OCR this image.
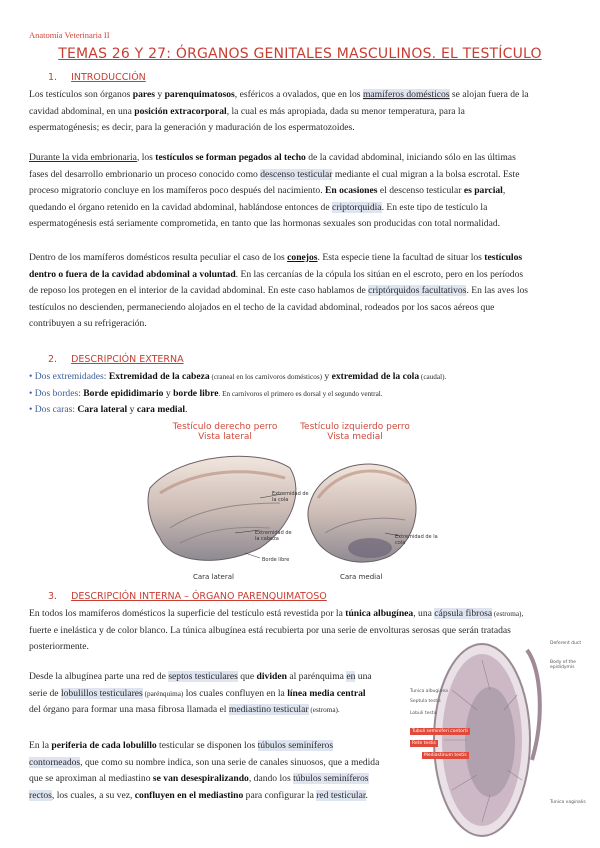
Anatomía Veterinaria II
TEMAS 26 Y 27: ÓRGANOS GENITALES MASCULINOS. EL TESTÍCULO
1. INTRODUCCIÓN
Los testículos son órganos pares y parenquimatosos, esféricos a ovalados, que en los mamíferos domésticos se alojan fuera de la
cavidad abdominal, en una posición extracorporal, la cual es más apropiada, dada su menor temperatura, para la
espermatogénesis; es decir, para la generación y maduración de los espermatozoides.
Durante la vida embrionaria, los testículos se forman pegados al techo de la cavidad abdominal, iniciando sólo en las últimas
fases del desarrollo embrionario un proceso conocido como descenso testicular mediante el cual migran a la bolsa escrotal. Este
proceso migratorio concluye en los mamíferos poco después del nacimiento. En ocasiones el descenso testicular es parcial,
quedando el órgano retenido en la cavidad abdominal, hablándose entonces de criptorquidia. En este tipo de testículo la
espermatogénesis está seriamente comprometida, en tanto que las hormonas sexuales son producidas con total normalidad.
Dentro de los mamíferos domésticos resulta peculiar el caso de los conejos. Esta especie tiene la facultad de situar los testículos
dentro o fuera de la cavidad abdominal a voluntad. En las cercanías de la cópula los sitúan en el escroto, pero en los períodos
de reposo los protegen en el interior de la cavidad abdominal. En este caso hablamos de criptórquidos facultativos. En las aves los
testículos no descienden, permaneciendo alojados en el techo de la cavidad abdominal, rodeados por los sacos aéreos que
contribuyen a su refrigeración.
2. DESCRIPCIÓN EXTERNA
• Dos extremidades: Extremidad de la cabeza (craneal en los carnívoros domésticos) y extremidad de la cola (caudal).
• Dos bordes: Borde epididimario y borde libre. En carnívoros el primero es dorsal y el segundo ventral.
• Dos caras: Cara lateral y cara medial.
Testículo derecho perro
Vista lateral
Testículo izquierdo perro
Vista medial
Extremidad de la cola
Extremidad de la cabeza
Borde libre
Extremidad de la cola
Cara lateral	Cara medial
3. DESCRIPCIÓN INTERNA – ÓRGANO PARENQUIMATOSO
En todos los mamíferos domésticos la superficie del testículo está revestida por la túnica albugínea, una cápsula fibrosa (estroma),
fuerte e inelástica y de color blanco. La túnica albugínea está recubierta por una serie de envolturas serosas que serán tratadas
posteriormente.
Desde la albugínea parte una red de septos testiculares que dividen al parénquima en una
serie de lobulillos testiculares (parénquima) los cuales confluyen en la línea media central
del órgano para formar una masa fibrosa llamada el mediastino testicular (estroma).
En la periferia de cada lobulillo testicular se disponen los túbulos seminíferos
contorneados, que como su nombre indica, son una serie de canales sinuosos, que a medida
que se aproximan al mediastino se van desespiralizando, dando los túbulos seminíferos
rectos, los cuales, a su vez, confluyen en el mediastino para configurar la red testicular.
Deferent duct
Body of the epididymis
Tunica albuginea
Septula testis
Lobuli testis
Tubuli seminiferi contorti
Rete testis
Mediastinum testis
Tunica vaginalis
